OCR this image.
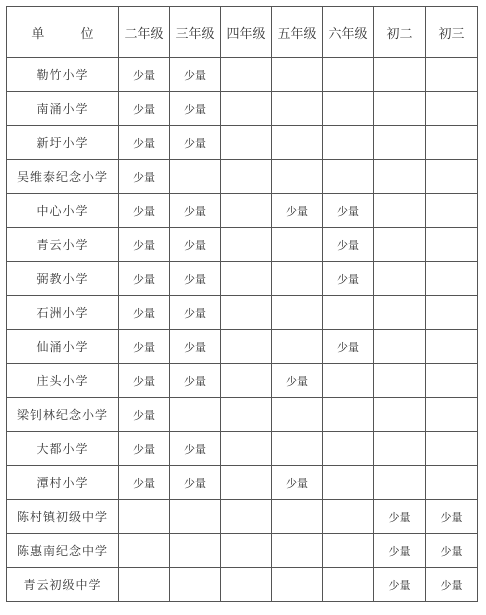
单 位	二年级	三年级	四年级	五年级	六年级	初二	初三
勒竹小学	少量	少量					
南涌小学	少量	少量					
新圩小学	少量	少量					
吴维泰纪念小学	少量						
中心小学	少量	少量		少量	少量		
青云小学	少量	少量			少量		
弼教小学	少量	少量			少量		
石洲小学	少量	少量					
仙涌小学	少量	少量			少量		
庄头小学	少量	少量		少量			
梁钊林纪念小学	少量						
大都小学	少量	少量					
潭村小学	少量	少量		少量			
陈村镇初级中学						少量	少量
陈惠南纪念中学						少量	少量
青云初级中学						少量	少量
